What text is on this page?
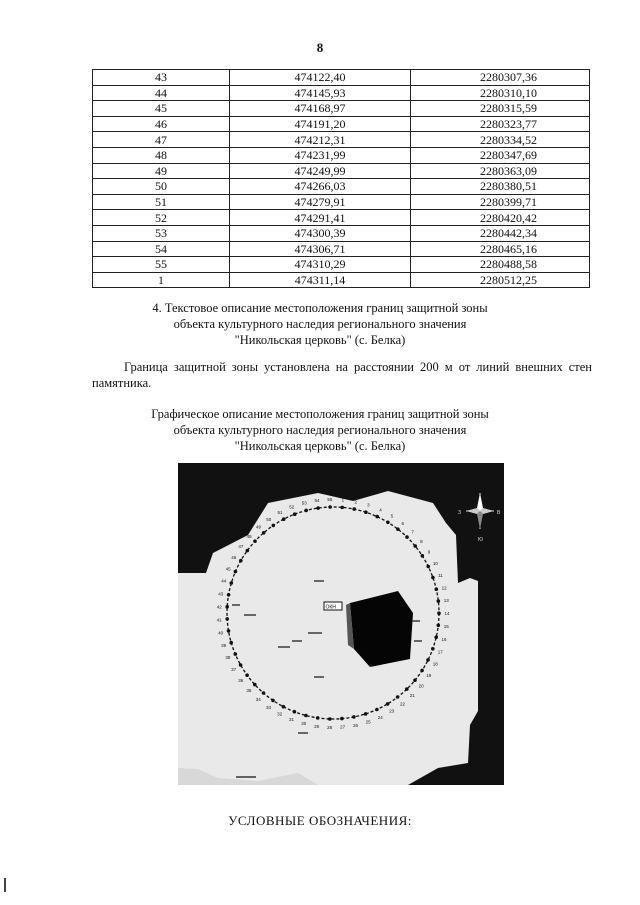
8
43	474122,40	2280307,36
44	474145,93	2280310,10
45	474168,97	2280315,59
46	474191,20	2280323,77
47	474212,31	2280334,52
48	474231,99	2280347,69
49	474249,99	2280363,09
50	474266,03	2280380,51
51	474279,91	2280399,71
52	474291,41	2280420,42
53	474300,39	2280442,34
54	474306,71	2280465,16
55	474310,29	2280488,58
1	474311,14	2280512,25
4. Текстовое описание местоположения границ защитной зоны
объекта культурного наследия регионального значения
"Никольская церковь" (с. Белка)
Граница защитной зоны установлена на расстоянии 200 м от линий внешних стен памятника.
Графическое описание местоположения границ защитной зоны
объекта культурного наследия регионального значения
"Никольская церковь" (с. Белка)
1 2
3
4
5
6
7
8
9
10
11
12
13
14
15
16
17
18
19
20
21
22
23
24
25
26
27
28
29
30
31
32
33
34
35
36
37
38
39
40
41
42
43
44
45
46
47
48
49
50
51
52
53
54 55
З	В
Ю
ОКН
УСЛОВНЫЕ ОБОЗНАЧЕНИЯ:
